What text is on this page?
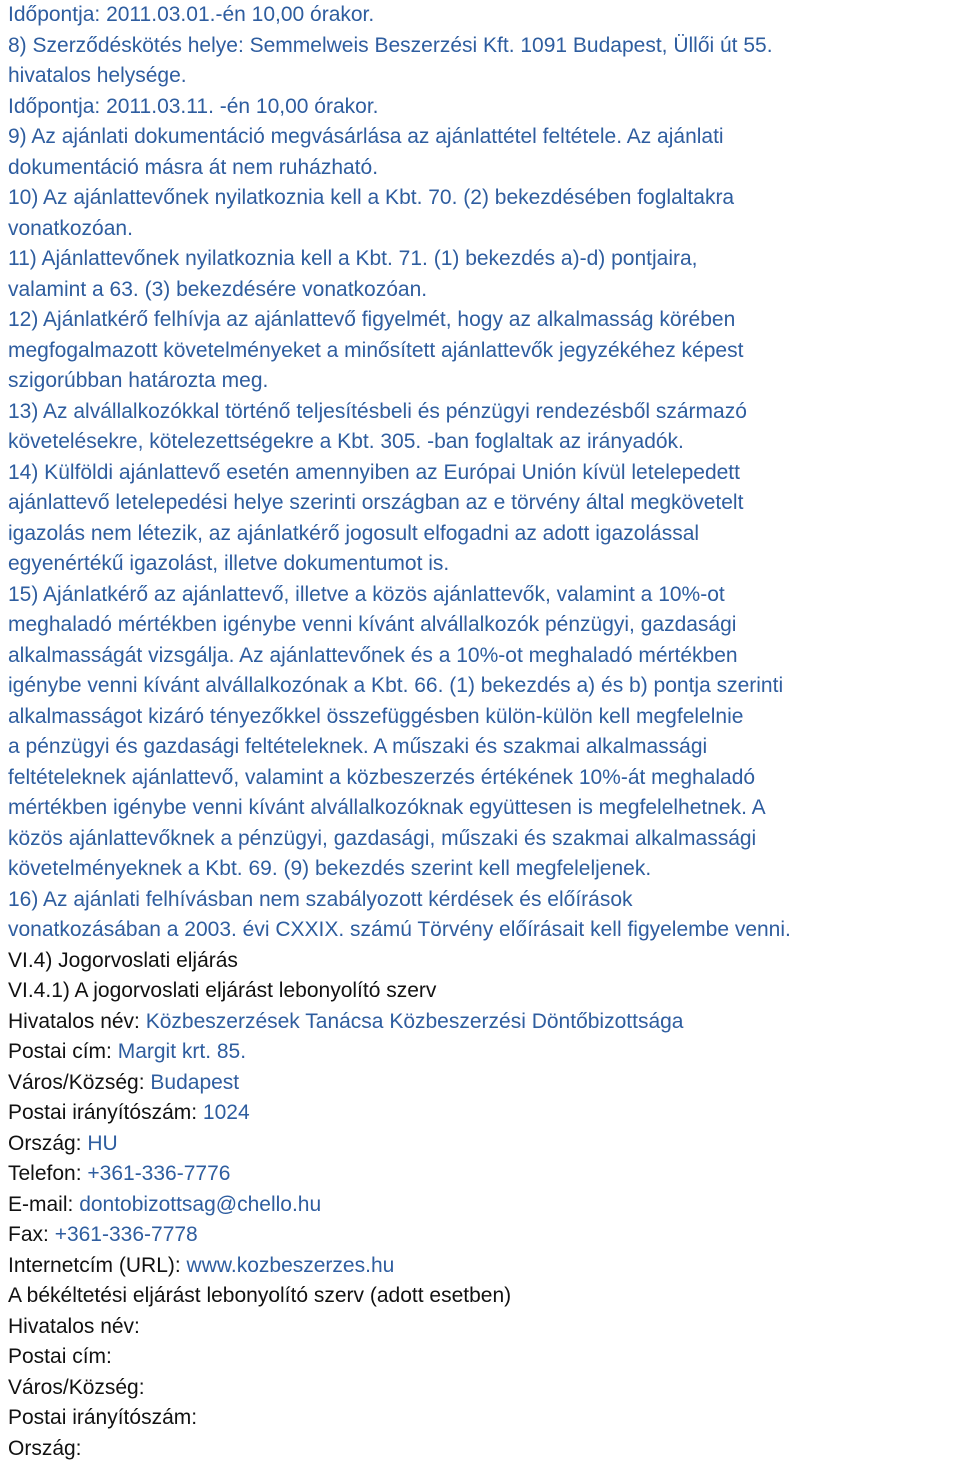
Időpontja: 2011.03.01.-én 10,00 órakor.
8) Szerződéskötés helye: Semmelweis Beszerzési Kft. 1091 Budapest, Üllői út 55.
hivatalos helysége.
Időpontja: 2011.03.11. -én 10,00 órakor.
9) Az ajánlati dokumentáció megvásárlása az ajánlattétel feltétele. Az ajánlati
dokumentáció másra át nem ruházható.
10) Az ajánlattevőnek nyilatkoznia kell a Kbt. 70. (2) bekezdésében foglaltakra
vonatkozóan.
11) Ajánlattevőnek nyilatkoznia kell a Kbt. 71. (1) bekezdés a)-d) pontjaira,
valamint a 63. (3) bekezdésére vonatkozóan.
12) Ajánlatkérő felhívja az ajánlattevő figyelmét, hogy az alkalmasság körében
megfogalmazott követelményeket a minősített ajánlattevők jegyzékéhez képest
szigorúbban határozta meg.
13) Az alvállalkozókkal történő teljesítésbeli és pénzügyi rendezésből származó
követelésekre, kötelezettségekre a Kbt. 305. -ban foglaltak az irányadók.
14) Külföldi ajánlattevő esetén amennyiben az Európai Unión kívül letelepedett
ajánlattevő letelepedési helye szerinti országban az e törvény által megkövetelt
igazolás nem létezik, az ajánlatkérő jogosult elfogadni az adott igazolással
egyenértékű igazolást, illetve dokumentumot is.
15) Ajánlatkérő az ajánlattevő, illetve a közös ajánlattevők, valamint a 10%-ot
meghaladó mértékben igénybe venni kívánt alvállalkozók pénzügyi, gazdasági
alkalmasságát vizsgálja. Az ajánlattevőnek és a 10%-ot meghaladó mértékben
igénybe venni kívánt alvállalkozónak a Kbt. 66. (1) bekezdés a) és b) pontja szerinti
alkalmasságot kizáró tényezőkkel összefüggésben külön-külön kell megfelelnie
a pénzügyi és gazdasági feltételeknek. A műszaki és szakmai alkalmassági
feltételeknek ajánlattevő, valamint a közbeszerzés értékének 10%-át meghaladó
mértékben igénybe venni kívánt alvállalkozóknak együttesen is megfelelhetnek. A
közös ajánlattevőknek a pénzügyi, gazdasági, műszaki és szakmai alkalmassági
követelményeknek a Kbt. 69. (9) bekezdés szerint kell megfeleljenek.
16) Az ajánlati felhívásban nem szabályozott kérdések és előírások
vonatkozásában a 2003. évi CXXIX. számú Törvény előírásait kell figyelembe venni.
VI.4) Jogorvoslati eljárás
VI.4.1) A jogorvoslati eljárást lebonyolító szerv
Hivatalos név: Közbeszerzések Tanácsa Közbeszerzési Döntőbizottsága
Postai cím: Margit krt. 85.
Város/Község: Budapest
Postai irányítószám: 1024
Ország: HU
Telefon: +361-336-7776
E-mail: dontobizottsag@chello.hu
Fax: +361-336-7778
Internetcím (URL): www.kozbeszerzes.hu
A békéltetési eljárást lebonyolító szerv (adott esetben)
Hivatalos név:
Postai cím:
Város/Község:
Postai irányítószám:
Ország:
